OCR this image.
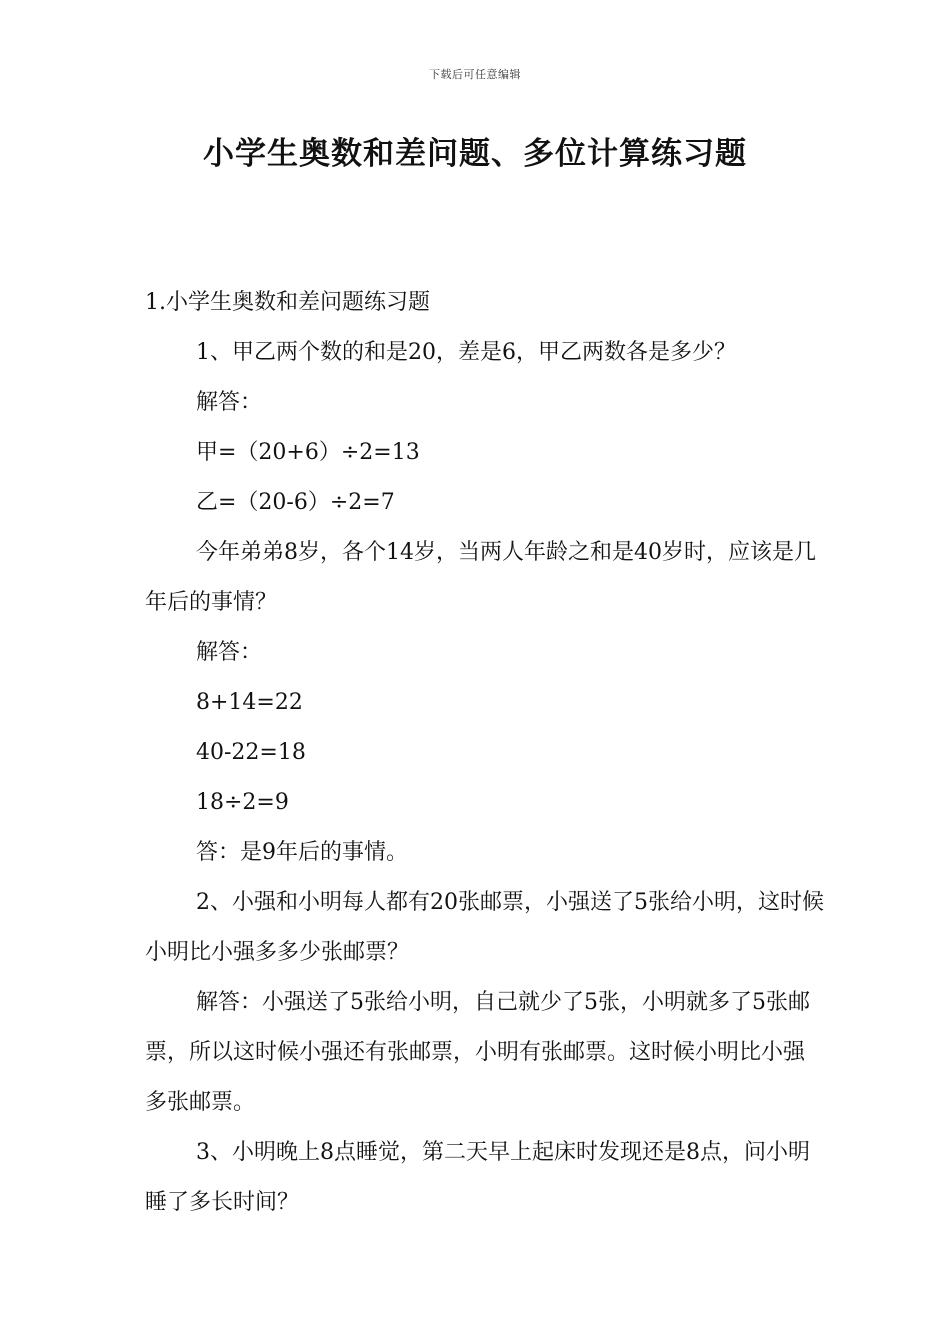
下载后可任意编辑
小学生奥数和差问题、多位计算练习题

1.小学生奥数和差问题练习题

1、甲乙两个数的和是20，差是6，甲乙两数各是多少？

解答：

甲=（20+6）÷2=13

乙=（20-6）÷2=7

今年弟弟8岁，各个14岁，当两人年龄之和是40岁时，应该是几年后的事情？

解答：

8+14=22

40-22=18

18÷2=9

答：是9年后的事情。

2、小强和小明每人都有20张邮票，小强送了5张给小明，这时候小明比小强多多少张邮票？

解答：小强送了5张给小明，自己就少了5张，小明就多了5张邮票，所以这时候小强还有张邮票，小明有张邮票。这时候小明比小强多张邮票。

3、小明晚上8点睡觉，第二天早上起床时发现还是8点，问小明睡了多长时间？
